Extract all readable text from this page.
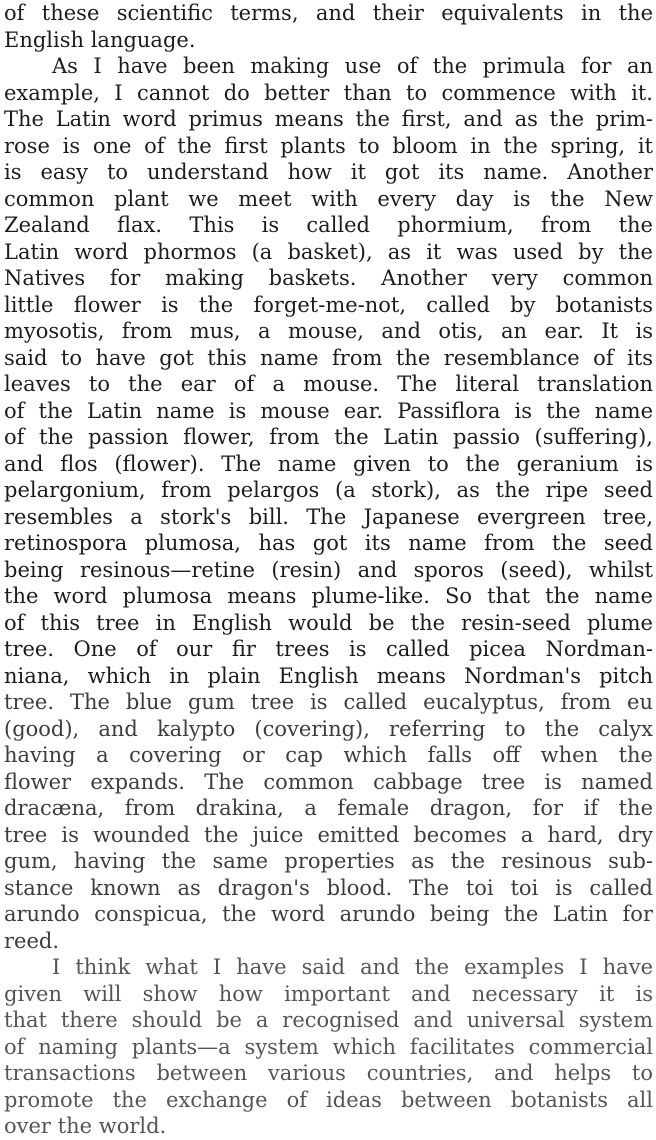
of these scientific terms, and their equivalents in the
English language.
As I have been making use of the primula for an
example, I cannot do better than to commence with it.
The Latin word primus means the first, and as the prim-
rose is one of the first plants to bloom in the spring, it
is easy to understand how it got its name. Another
common plant we meet with every day is the New
Zealand flax. This is called phormium, from the
Latin word phormos (a basket), as it was used by the
Natives for making baskets. Another very common
little flower is the forget-me-not, called by botanists
myosotis, from mus, a mouse, and otis, an ear. It is
said to have got this name from the resemblance of its
leaves to the ear of a mouse. The literal translation
of the Latin name is mouse ear. Passiflora is the name
of the passion flower, from the Latin passio (suffering),
and flos (flower). The name given to the geranium is
pelargonium, from pelargos (a stork), as the ripe seed
resembles a stork's bill. The Japanese evergreen tree,
retinospora plumosa, has got its name from the seed
being resinous—retine (resin) and sporos (seed), whilst
the word plumosa means plume-like. So that the name
of this tree in English would be the resin-seed plume
tree. One of our fir trees is called picea Nordman-
niana, which in plain English means Nordman's pitch
tree. The blue gum tree is called eucalyptus, from eu
(good), and kalypto (covering), referring to the calyx
having a covering or cap which falls off when the
flower expands. The common cabbage tree is named
dracæna, from drakina, a female dragon, for if the
tree is wounded the juice emitted becomes a hard, dry
gum, having the same properties as the resinous sub-
stance known as dragon's blood. The toi toi is called
arundo conspicua, the word arundo being the Latin for
reed.
I think what I have said and the examples I have
given will show how important and necessary it is
that there should be a recognised and universal system
of naming plants—a system which facilitates commercial
transactions between various countries, and helps to
promote the exchange of ideas between botanists all
over the world.
